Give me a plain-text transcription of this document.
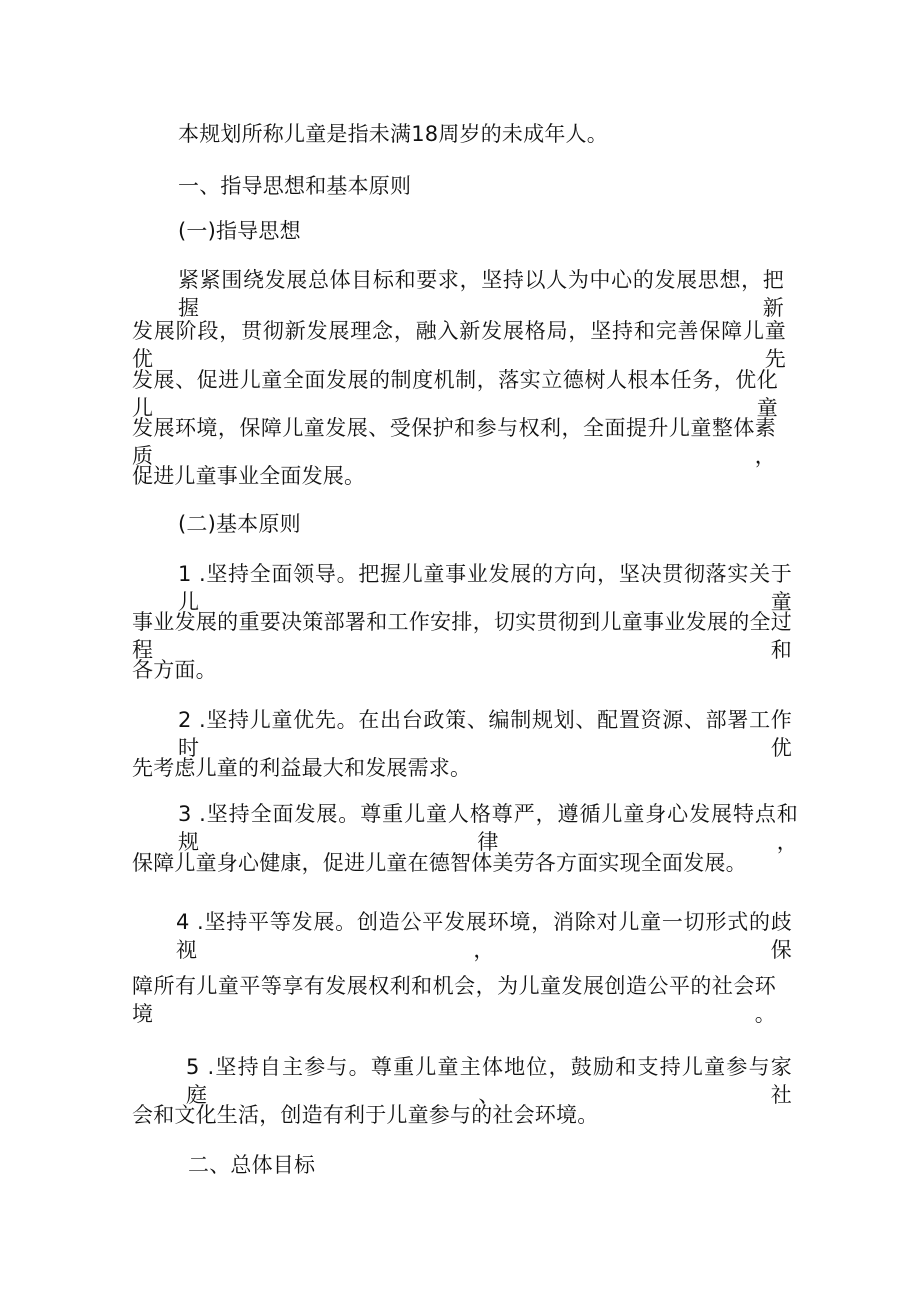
本规划所称儿童是指未满18周岁的未成年人。
一、指导思想和基本原则
(一)指导思想
紧紧围绕发展总体目标和要求，坚持以人为中心的发展思想，把握新
发展阶段，贯彻新发展理念，融入新发展格局，坚持和完善保障儿童优先
发展、促进儿童全面发展的制度机制，落实立德树人根本任务，优化儿童
发展环境，保障儿童发展、受保护和参与权利，全面提升儿童整体素质，
促进儿童事业全面发展。
(二)基本原则
1 .坚持全面领导。把握儿童事业发展的方向，坚决贯彻落实关于儿童
事业发展的重要决策部署和工作安排，切实贯彻到儿童事业发展的全过程和
各方面。
2 .坚持儿童优先。在出台政策、编制规划、配置资源、部署工作时优
先考虑儿童的利益最大和发展需求。
3 .坚持全面发展。尊重儿童人格尊严，遵循儿童身心发展特点和规律，
保障儿童身心健康，促进儿童在德智体美劳各方面实现全面发展。
4 .坚持平等发展。创造公平发展环境，消除对儿童一切形式的歧视，保
障所有儿童平等享有发展权利和机会，为儿童发展创造公平的社会环境。
5 .坚持自主参与。尊重儿童主体地位，鼓励和支持儿童参与家庭、社
会和文化生活，创造有利于儿童参与的社会环境。
二、总体目标
